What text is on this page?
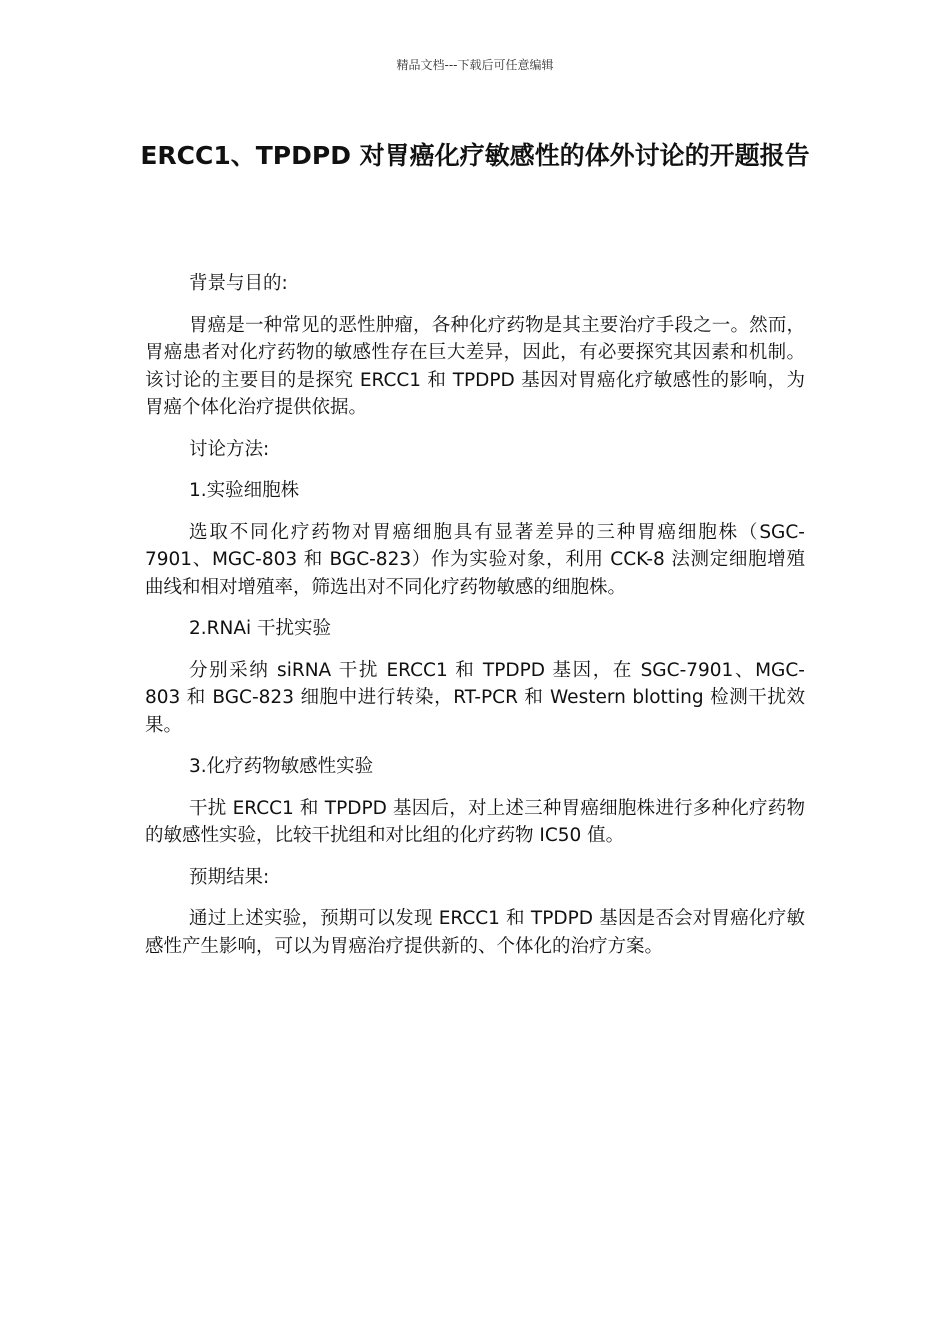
精品文档---下载后可任意编辑
ERCC1、TPDPD 对胃癌化疗敏感性的体外讨论的开题报告

背景与目的:

胃癌是一种常见的恶性肿瘤，各种化疗药物是其主要治疗手段之一。然而，胃癌患者对化疗药物的敏感性存在巨大差异，因此，有必要探究其因素和机制。该讨论的主要目的是探究 ERCC1 和 TPDPD 基因对胃癌化疗敏感性的影响，为胃癌个体化治疗提供依据。

讨论方法:

1.实验细胞株

选取不同化疗药物对胃癌细胞具有显著差异的三种胃癌细胞株（SGC-7901、MGC-803 和 BGC-823）作为实验对象，利用 CCK-8 法测定细胞增殖曲线和相对增殖率，筛选出对不同化疗药物敏感的细胞株。

2.RNAi 干扰实验

分别采纳 siRNA 干扰 ERCC1 和 TPDPD 基因，在 SGC-7901、MGC-803 和 BGC-823 细胞中进行转染，RT-PCR 和 Western blotting 检测干扰效果。

3.化疗药物敏感性实验

干扰 ERCC1 和 TPDPD 基因后，对上述三种胃癌细胞株进行多种化疗药物的敏感性实验，比较干扰组和对比组的化疗药物 IC50 值。

预期结果:

通过上述实验，预期可以发现 ERCC1 和 TPDPD 基因是否会对胃癌化疗敏感性产生影响，可以为胃癌治疗提供新的、个体化的治疗方案。
